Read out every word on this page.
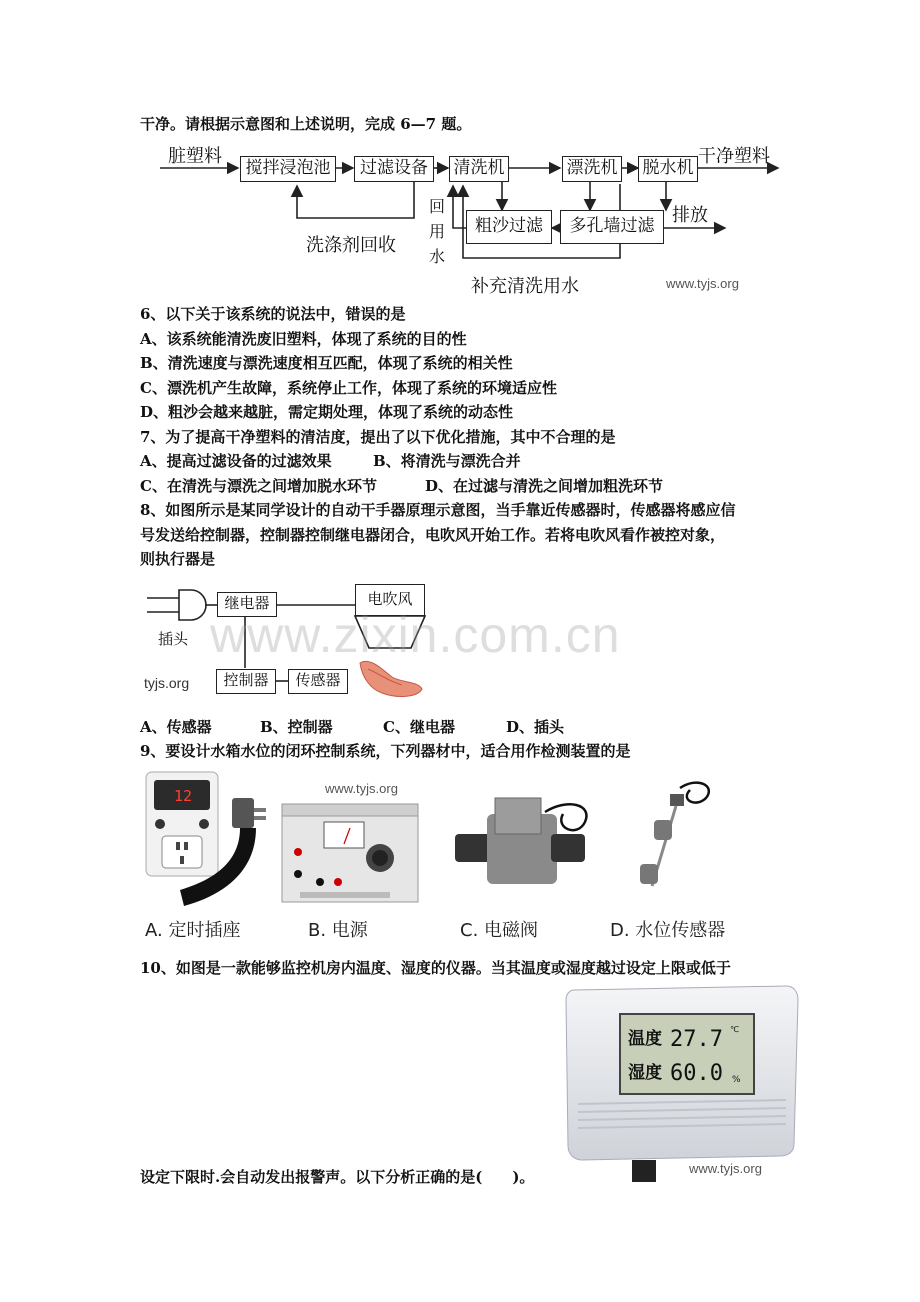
干净。请根据示意图和上述说明，完成 6—7 题。
脏塑料
搅拌浸泡池	过滤设备	清洗机	漂洗机 脱水机
干净塑料
洗涤剂回收
回
用
水
粗沙过滤	多孔墙过滤 排放
补充清洗用水	www.tyjs.org
6、以下关于该系统的说法中，错误的是
A、该系统能清洗废旧塑料，体现了系统的目的性
B、清洗速度与漂洗速度相互匹配，体现了系统的相关性
C、漂洗机产生故障，系统停止工作，体现了系统的环境适应性
D、粗沙会越来越脏，需定期处理，体现了系统的动态性
7、为了提高干净塑料的清洁度，提出了以下优化措施，其中不合理的是
A、提高过滤设备的过滤效果	B、将清洗与漂洗合并
C、在清洗与漂洗之间增加脱水环节	D、在过滤与清洗之间增加粗洗环节
8、如图所示是某同学设计的自动干手器原理示意图，当手靠近传感器时，传感器将感应信
号发送给控制器，控制器控制继电器闭合，电吹风开始工作。若将电吹风看作被控对象，
则执行器是
继电器	电吹风
插头
控制器	传感器
tyjs.org
www.zixin.com.cn
A、传感器	B、控制器	C、继电器	D、插头
9、要设计水箱水位的闭环控制系统，下列器材中，适合用作检测装置的是
12	www.tyjs.org
A. 定时插座	B. 电源	C. 电磁阀	D. 水位传感器
10、如图是一款能够监控机房内温度、湿度的仪器。当其温度或湿度越过设定上限或低于
温度 27.7 ℃
湿度 60.0 %
www.tyjs.org
设定下限时.会自动发出报警声。以下分析正确的是(　　)。
